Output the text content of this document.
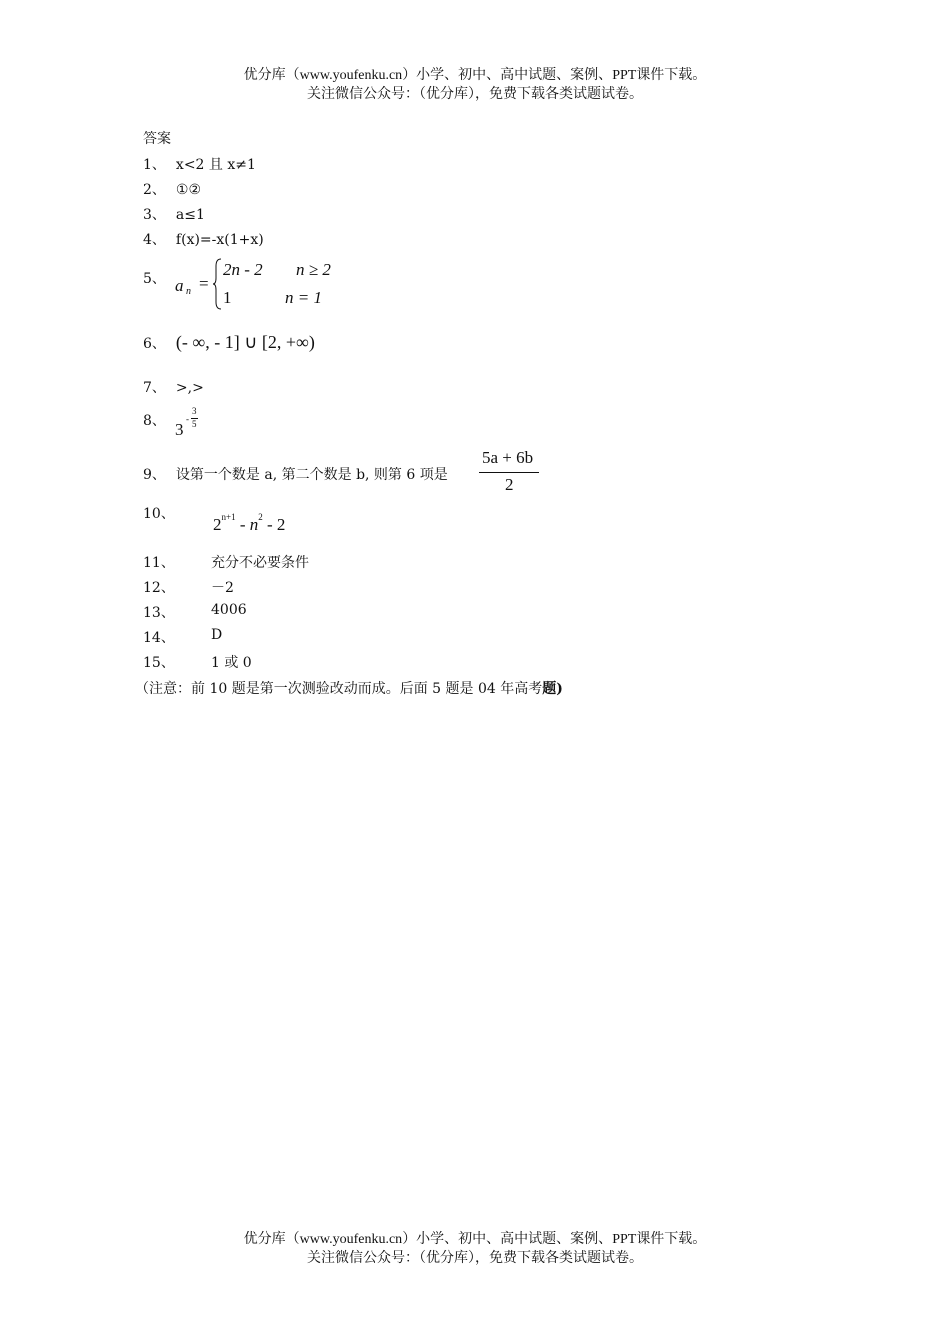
优分库（www.youfenku.cn）小学、初中、高中试题、案例、PPT课件下载。
关注微信公众号：（优分库），免费下载各类试题试卷。
答案
1、 x<2 且 x≠1
2、 ①②
3、 a≤1
4、 f(x)=-x(1+x)
5、 a n =
2n - 2 n ≥ 2
1	n = 1
6、 (- ∞, - 1] ∪ [2, +∞)
7、 >,>
8、 3
-
3
5
9、 设第一个数是 a, 第二个数是 b, 则第 6 项是
5a + 6b
2
10、
$2^{n+1} - n^2 - 2$
11、	充分不必要条件
12、	－2
13、	4006
14、	D
15、	1 或 0
（注意：前 10 题是第一次测验改动而成。后面 5 题是 04 年高考题)
优分库（www.youfenku.cn）小学、初中、高中试题、案例、PPT课件下载。
关注微信公众号：（优分库），免费下载各类试题试卷。
